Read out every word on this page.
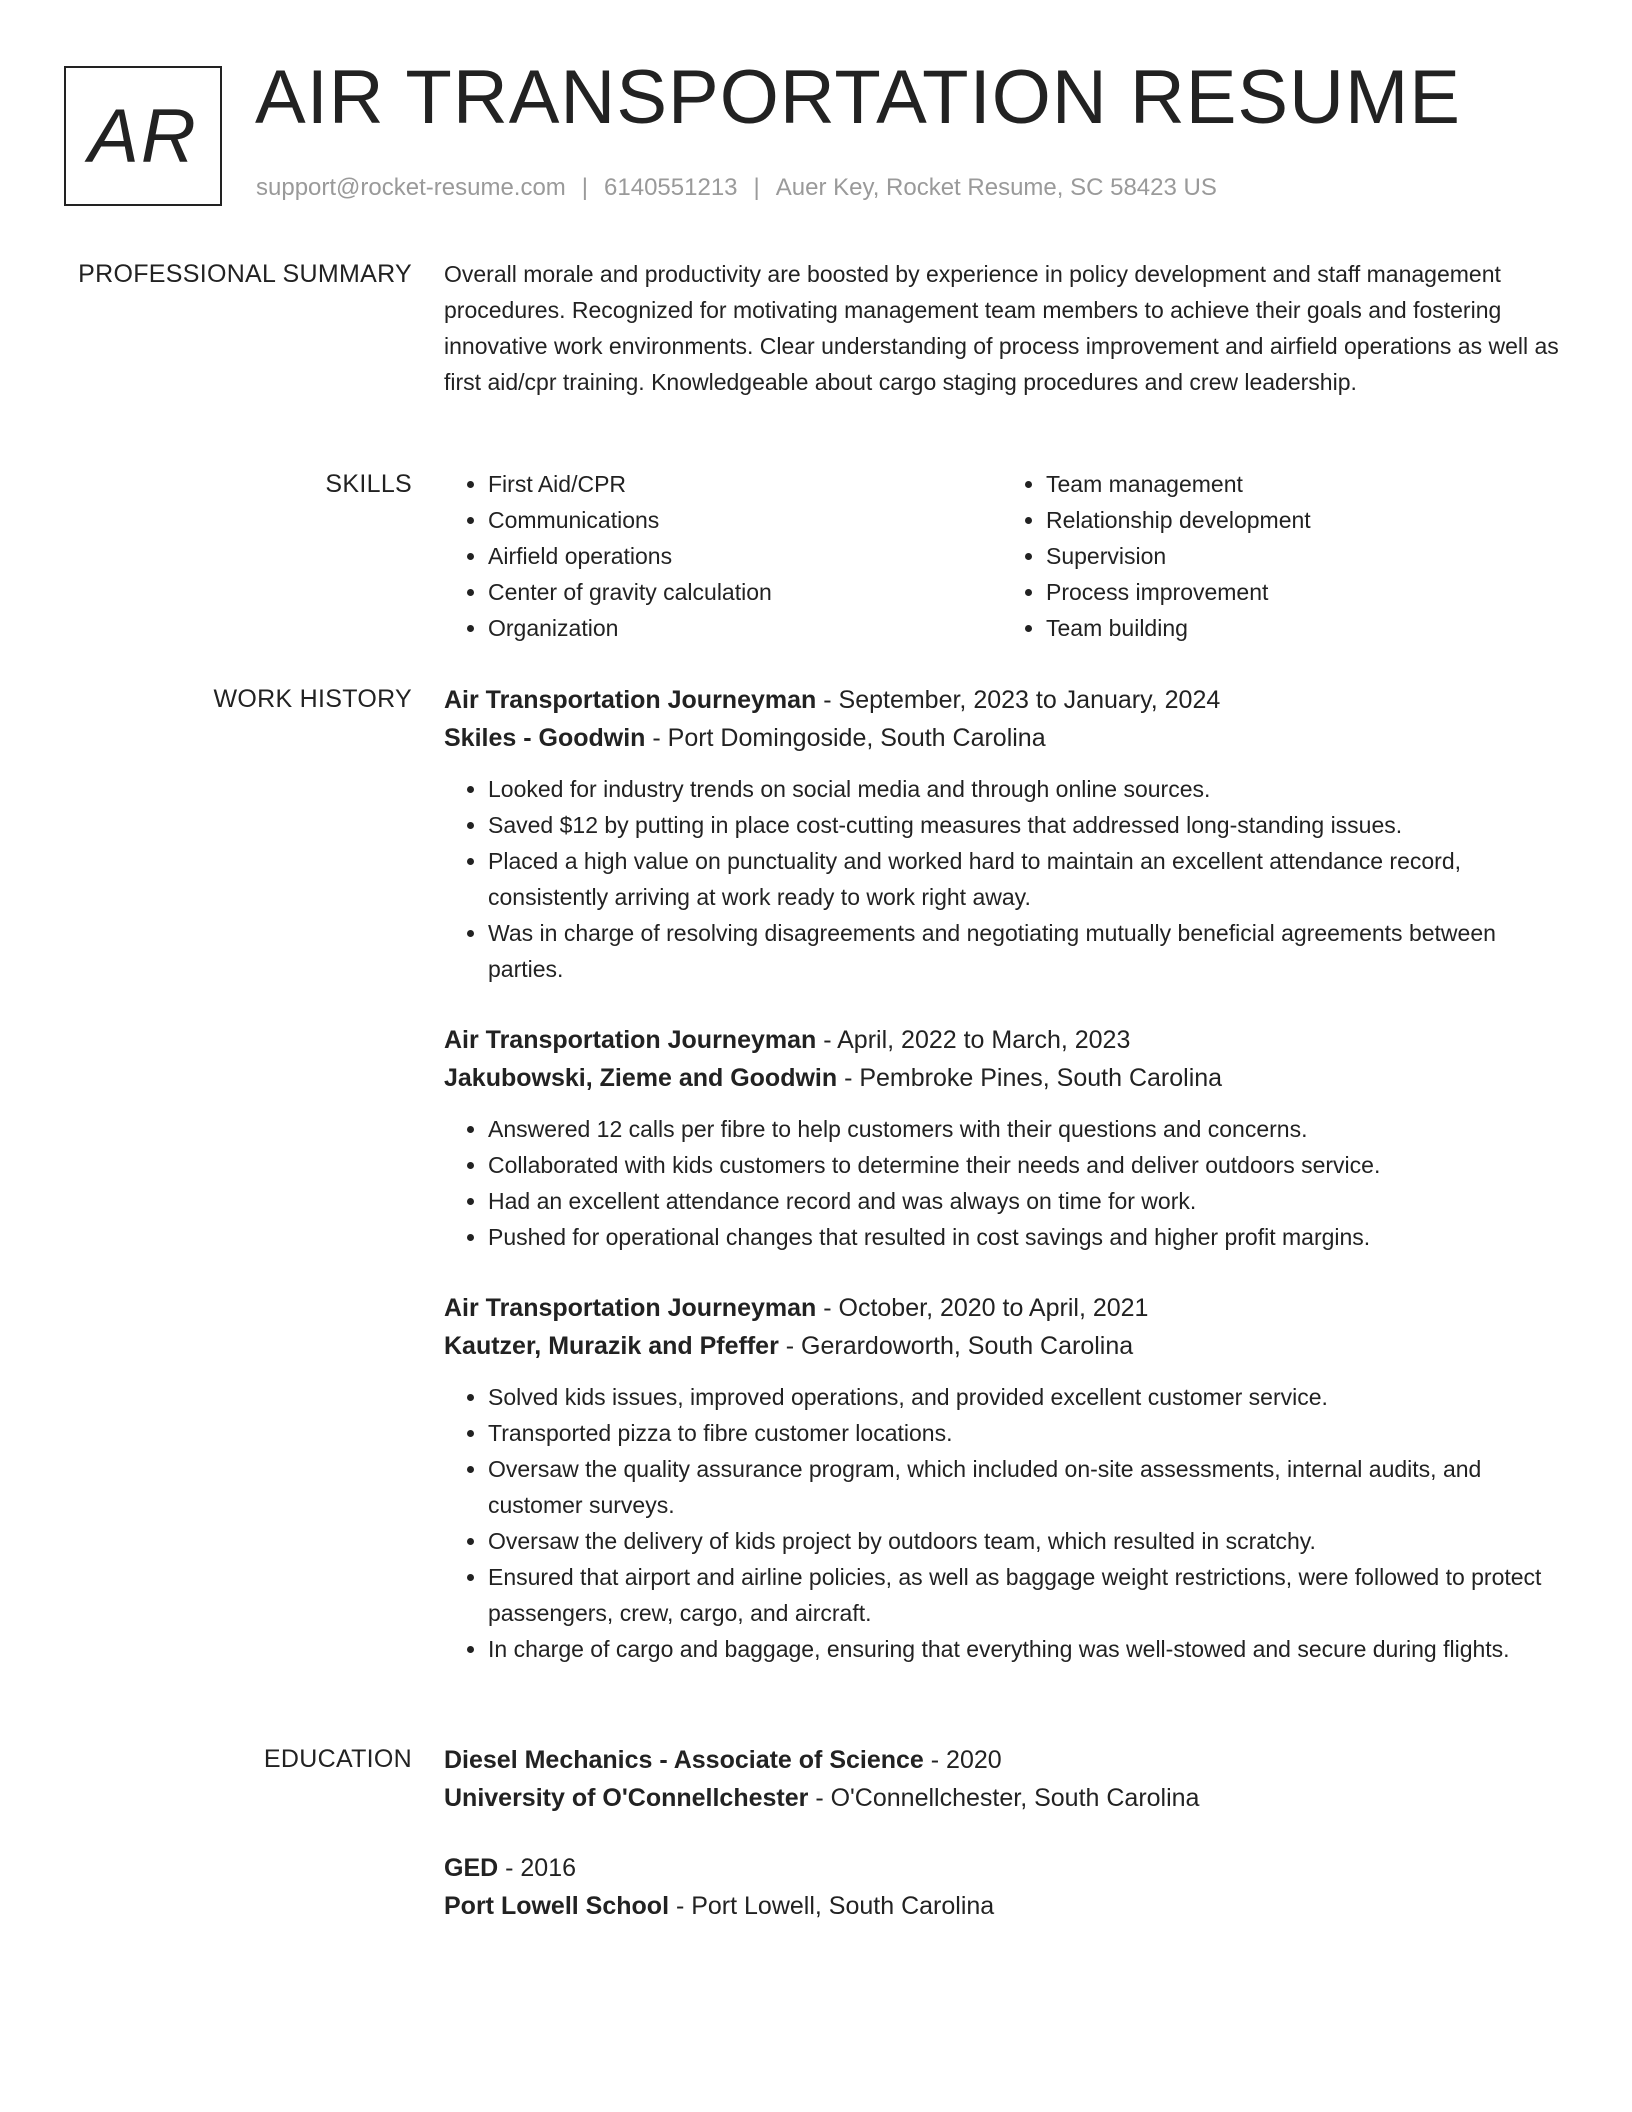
AR AIR TRANSPORTATION RESUME
support@rocket-resume.com | 6140551213 | Auer Key, Rocket Resume, SC 58423 US
PROFESSIONAL SUMMARY Overall morale and productivity are boosted by experience in policy development and staff management procedures. Recognized for motivating management team members to achieve their goals and fostering innovative work environments. Clear understanding of process improvement and airfield operations as well as first aid/cpr training. Knowledgeable about cargo staging procedures and crew leadership.
SKILLS
•	First Aid/CPR
• Communications
• Airfield operations
• Center of gravity calculation
• Organization
• Team management
• Relationship development
• Supervision
• Process improvement
• Team building
WORK HISTORY Air Transportation Journeyman - September, 2023 to January, 2024
Skiles - Goodwin - Port Domingoside, South Carolina
• Looked for industry trends on social media and through online sources.
• Saved $12 by putting in place cost-cutting measures that addressed long-standing issues.
• Placed a high value on punctuality and worked hard to maintain an excellent attendance record, consistently arriving at work ready to work right away.
• Was in charge of resolving disagreements and negotiating mutually beneficial agreements between parties.
Air Transportation Journeyman - April, 2022 to March, 2023
Jakubowski, Zieme and Goodwin - Pembroke Pines, South Carolina
• Answered 12 calls per fibre to help customers with their questions and concerns.
• Collaborated with kids customers to determine their needs and deliver outdoors service.
• Had an excellent attendance record and was always on time for work.
• Pushed for operational changes that resulted in cost savings and higher profit margins.
Air Transportation Journeyman - October, 2020 to April, 2021
Kautzer, Murazik and Pfeffer - Gerardoworth, South Carolina
• Solved kids issues, improved operations, and provided excellent customer service.
• Transported pizza to fibre customer locations.
• Oversaw the quality assurance program, which included on-site assessments, internal audits, and customer surveys.
• Oversaw the delivery of kids project by outdoors team, which resulted in scratchy.
• Ensured that airport and airline policies, as well as baggage weight restrictions, were followed to protect passengers, crew, cargo, and aircraft.
• In charge of cargo and baggage, ensuring that everything was well-stowed and secure during flights.
EDUCATION Diesel Mechanics - Associate of Science - 2020
University of O'Connellchester - O'Connellchester, South Carolina
GED - 2016
Port Lowell School - Port Lowell, South Carolina
